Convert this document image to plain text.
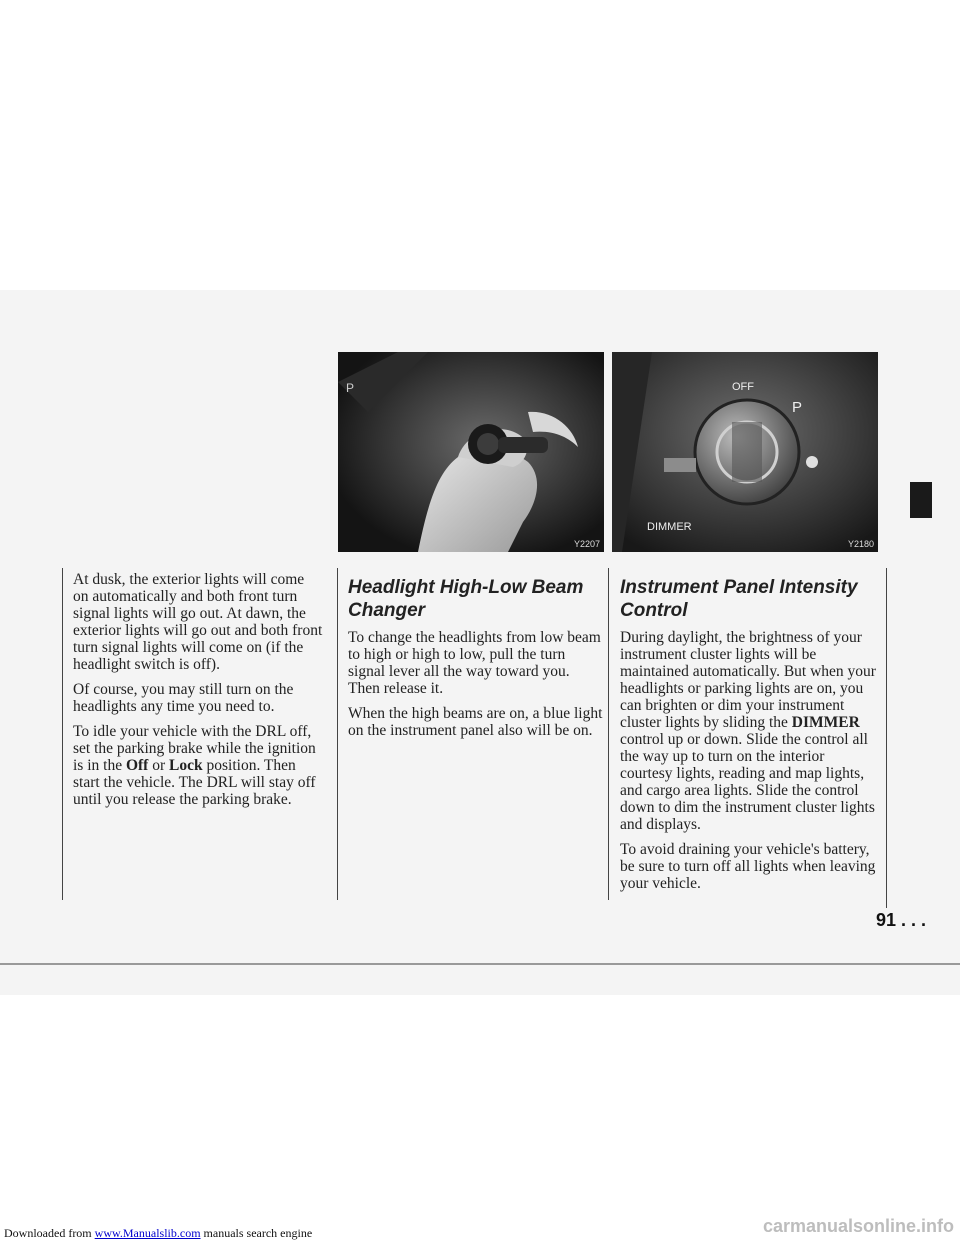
At dusk, the exterior lights will come on automatically and both front turn signal lights will go out. At dawn, the exterior lights will go out and both front turn signal lights will come on (if the headlight switch is off).

Of course, you may still turn on the headlights any time you need to.

To idle your vehicle with the DRL off, set the parking brake while the ignition is in the Off or Lock position. Then start the vehicle. The DRL will stay off until you release the parking brake.

P
Y2207
OFF
P
DIMMER
Y2180
Headlight High-Low Beam Changer

To change the headlights from low beam to high or high to low, pull the turn signal lever all the way toward you. Then release it.

When the high beams are on, a blue light on the instrument panel also will be on.

Instrument Panel Intensity Control

During daylight, the brightness of your instrument cluster lights will be maintained automatically. But when your headlights or parking lights are on, you can brighten or dim your instrument cluster lights by sliding the DIMMER control up or down. Slide the control all the way up to turn on the interior courtesy lights, reading and map lights, and cargo area lights. Slide the control down to dim the instrument cluster lights and displays.

To avoid draining your vehicle's battery, be sure to turn off all lights when leaving your vehicle.

91 . . .
Downloaded from www.Manualslib.com manuals search engine	carmanualsonline.info
